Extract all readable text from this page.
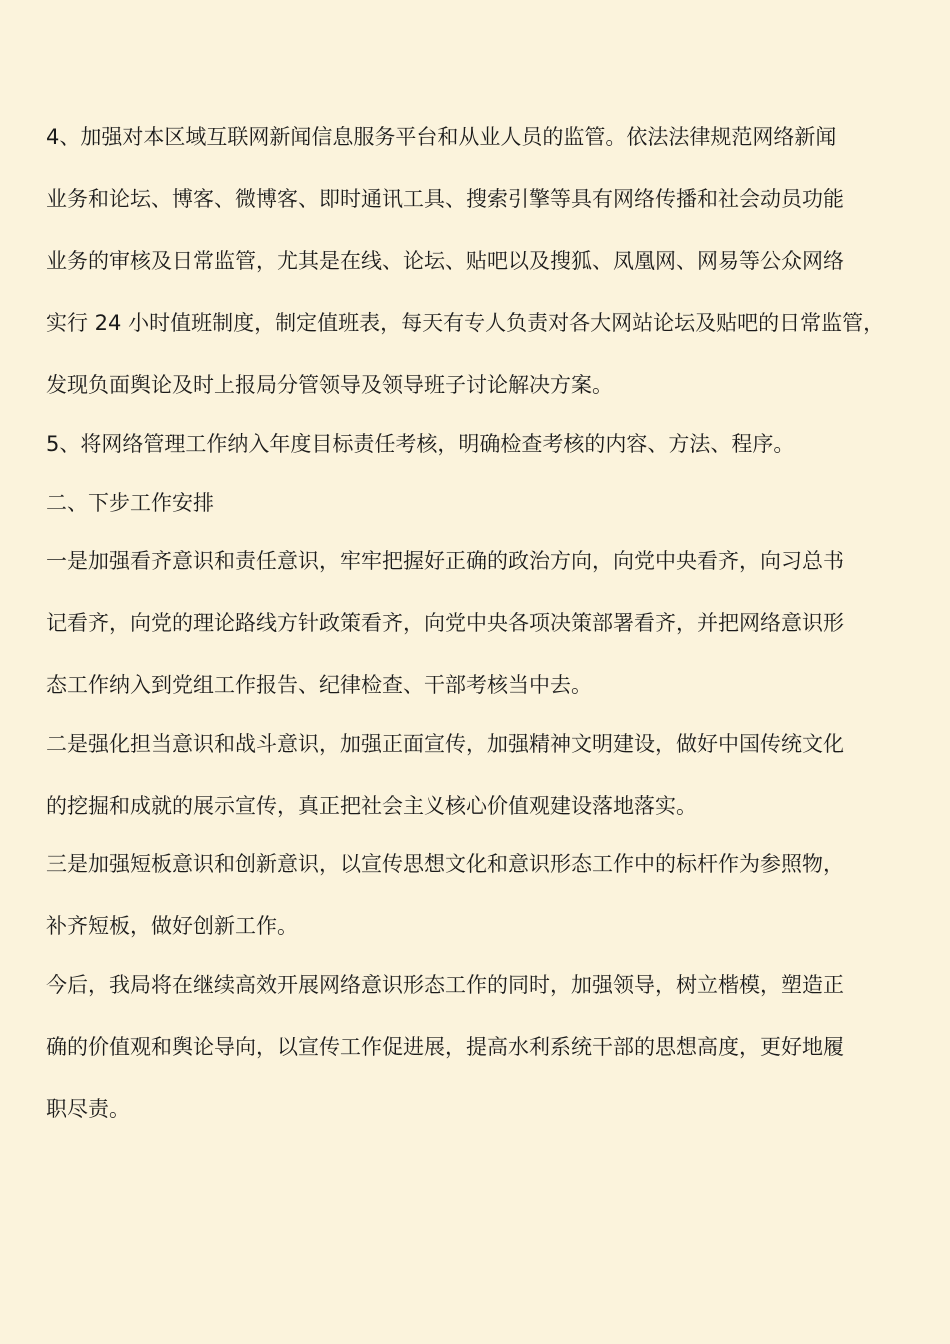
4、加强对本区域互联网新闻信息服务平台和从业人员的监管。依法法律规范网络新闻
业务和论坛、博客、微博客、即时通讯工具、搜索引擎等具有网络传播和社会动员功能
业务的审核及日常监管，尤其是在线、论坛、贴吧以及搜狐、凤凰网、网易等公众网络
实行 24 小时值班制度，制定值班表，每天有专人负责对各大网站论坛及贴吧的日常监管，
发现负面舆论及时上报局分管领导及领导班子讨论解决方案。
5、将网络管理工作纳入年度目标责任考核，明确检查考核的内容、方法、程序。
二、下步工作安排
一是加强看齐意识和责任意识，牢牢把握好正确的政治方向，向党中央看齐，向习总书
记看齐，向党的理论路线方针政策看齐，向党中央各项决策部署看齐，并把网络意识形
态工作纳入到党组工作报告、纪律检查、干部考核当中去。
二是强化担当意识和战斗意识，加强正面宣传，加强精神文明建设，做好中国传统文化
的挖掘和成就的展示宣传，真正把社会主义核心价值观建设落地落实。
三是加强短板意识和创新意识，以宣传思想文化和意识形态工作中的标杆作为参照物，
补齐短板，做好创新工作。
今后，我局将在继续高效开展网络意识形态工作的同时，加强领导，树立楷模，塑造正
确的价值观和舆论导向，以宣传工作促进展，提高水利系统干部的思想高度，更好地履
职尽责。
